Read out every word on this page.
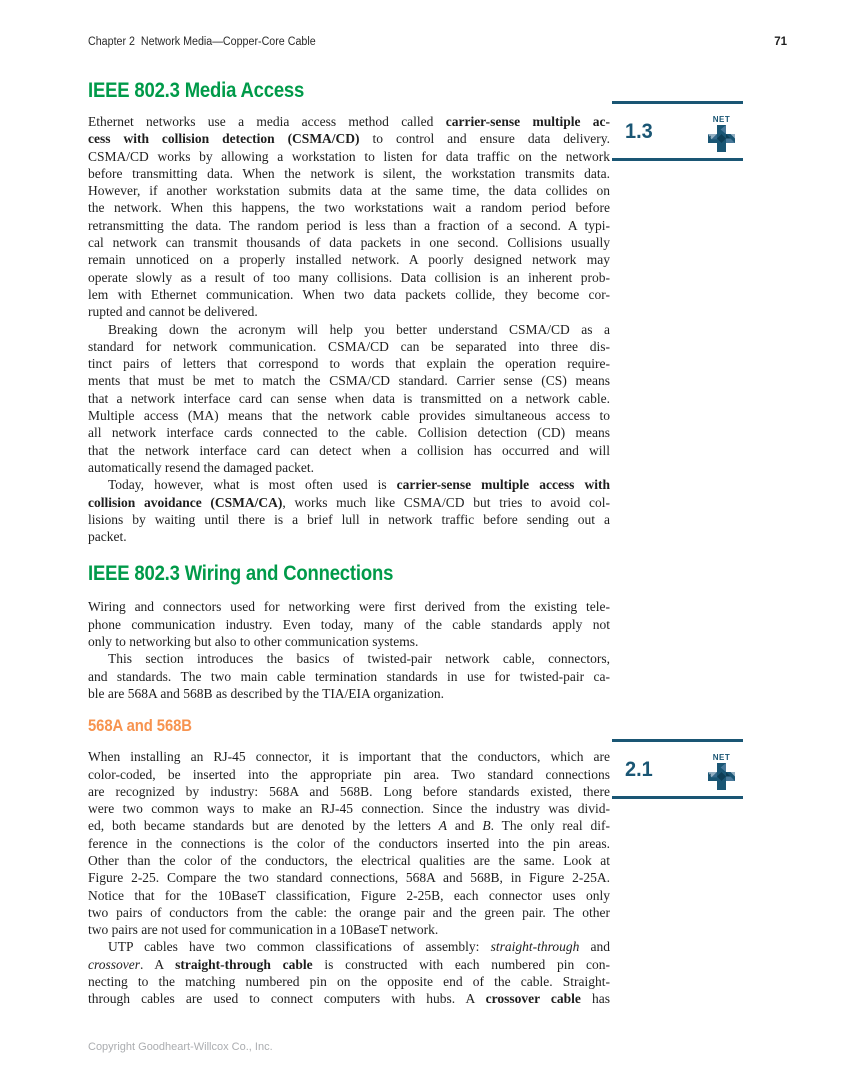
Chapter 2  Network Media—Copper-Core Cable	71
IEEE 802.3 Media Access
Ethernet networks use a media access method called carrier-sense multiple ac-
cess with collision detection (CSMA/CD) to control and ensure data delivery.
CSMA/CD works by allowing a workstation to listen for data traffic on the network
before transmitting data. When the network is silent, the workstation transmits data.
However, if another workstation submits data at the same time, the data collides on
the network. When this happens, the two workstations wait a random period before
retransmitting the data. The random period is less than a fraction of a second. A typi-
cal network can transmit thousands of data packets in one second. Collisions usually
remain unnoticed on a properly installed network. A poorly designed network may
operate slowly as a result of too many collisions. Data collision is an inherent prob-
lem with Ethernet communication. When two data packets collide, they become cor-
rupted and cannot be delivered.
Breaking down the acronym will help you better understand CSMA/CD as a
standard for network communication. CSMA/CD can be separated into three dis-
tinct pairs of letters that correspond to words that explain the operation require-
ments that must be met to match the CSMA/CD standard. Carrier sense (CS) means
that a network interface card can sense when data is transmitted on a network cable.
Multiple access (MA) means that the network cable provides simultaneous access to
all network interface cards connected to the cable. Collision detection (CD) means
that the network interface card can detect when a collision has occurred and will
automatically resend the damaged packet.
Today, however, what is most often used is carrier-sense multiple access with
collision avoidance (CSMA/CA), works much like CSMA/CD but tries to avoid col-
lisions by waiting until there is a brief lull in network traffic before sending out a
packet.
IEEE 802.3 Wiring and Connections
Wiring and connectors used for networking were first derived from the existing tele-
phone communication industry. Even today, many of the cable standards apply not
only to networking but also to other communication systems.
This section introduces the basics of twisted-pair network cable, connectors,
and standards. The two main cable termination standards in use for twisted-pair ca-
ble are 568A and 568B as described by the TIA/EIA organization.
568A and 568B
When installing an RJ-45 connector, it is important that the conductors, which are
color-coded, be inserted into the appropriate pin area. Two standard connections
are recognized by industry: 568A and 568B. Long before standards existed, there
were two common ways to make an RJ-45 connection. Since the industry was divid-
ed, both became standards but are denoted by the letters A and B. The only real dif-
ference in the connections is the color of the conductors inserted into the pin areas.
Other than the color of the conductors, the electrical qualities are the same. Look at
Figure 2-25. Compare the two standard connections, 568A and 568B, in Figure 2-25A.
Notice that for the 10BaseT classification, Figure 2-25B, each connector uses only
two pairs of conductors from the cable: the orange pair and the green pair. The other
two pairs are not used for communication in a 10BaseT network.
UTP cables have two common classifications of assembly: straight-through and
crossover. A straight-through cable is constructed with each numbered pin con-
necting to the matching numbered pin on the opposite end of the cable. Straight-
through cables are used to connect computers with hubs. A crossover cable has
1.3
NET
2.1
NET
Copyright Goodheart-Willcox Co., Inc.
